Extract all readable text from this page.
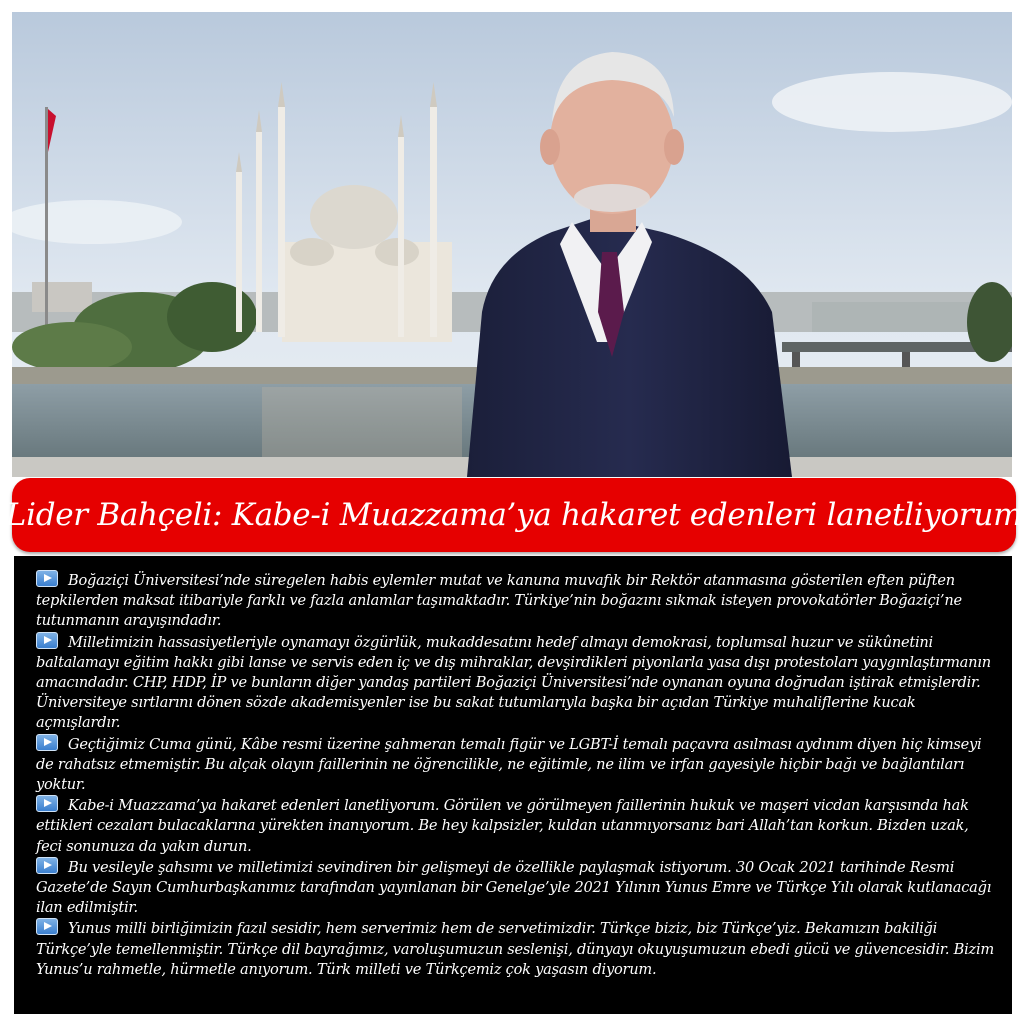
Lider Bahçeli: Kabe-i Muazzama’ya hakaret edenleri lanetliyorum

Boğaziçi Üniversitesi’nde süregelen habis eylemler mutat ve kanuna muvafık bir Rektör atanmasına gösterilen eften püften tepkilerden maksat itibariyle farklı ve fazla anlamlar taşımaktadır. Türkiye’nin boğazını sıkmak isteyen provokatörler Boğaziçi’ne tutunmanın arayışındadır.

Milletimizin hassasiyetleriyle oynamayı özgürlük, mukaddesatını hedef almayı demokrasi, toplumsal huzur ve sükûnetini baltalamayı eğitim hakkı gibi lanse ve servis eden iç ve dış mihraklar, devşirdikleri piyonlarla yasa dışı protestoları yaygınlaştırmanın amacındadır. CHP, HDP, İP ve bunların diğer yandaş partileri Boğaziçi Üniversitesi’nde oynanan oyuna doğrudan iştirak etmişlerdir. Üniversiteye sırtlarını dönen sözde akademisyenler ise bu sakat tutumlarıyla başka bir açıdan Türkiye muhaliflerine kucak açmışlardır.

Geçtiğimiz Cuma günü, Kâbe resmi üzerine şahmeran temalı figür ve LGBT-İ temalı paçavra asılması aydınım diyen hiç kimseyi de rahatsız etmemiştir. Bu alçak olayın faillerinin ne öğrencilikle, ne eğitimle, ne ilim ve irfan gayesiyle hiçbir bağı ve bağlantıları yoktur.

Kabe-i Muazzama’ya hakaret edenleri lanetliyorum. Görülen ve görülmeyen faillerinin hukuk ve maşeri vicdan karşısında hak ettikleri cezaları bulacaklarına yürekten inanıyorum. Be hey kalpsizler, kuldan utanmıyorsanız bari Allah’tan korkun. Bizden uzak, feci sonunuza da yakın durun.

Bu vesileyle şahsımı ve milletimizi sevindiren bir gelişmeyi de özellikle paylaşmak istiyorum. 30 Ocak 2021 tarihinde Resmi Gazete’de Sayın Cumhurbaşkanımız tarafından yayınlanan bir Genelge’yle 2021 Yılının Yunus Emre ve Türkçe Yılı olarak kutlanacağı ilan edilmiştir.

Yunus milli birliğimizin fazıl sesidir, hem serverimiz hem de servetimizdir. Türkçe biziz, biz Türkçe’yiz. Bekamızın bakiliği Türkçe’yle temellenmiştir. Türkçe dil bayrağımız, varoluşumuzun seslenişi, dünyayı okuyuşumuzun ebedi gücü ve güvencesidir. Bizim Yunus’u rahmetle, hürmetle anıyorum. Türk milleti ve Türkçemiz çok yaşasın diyorum.
